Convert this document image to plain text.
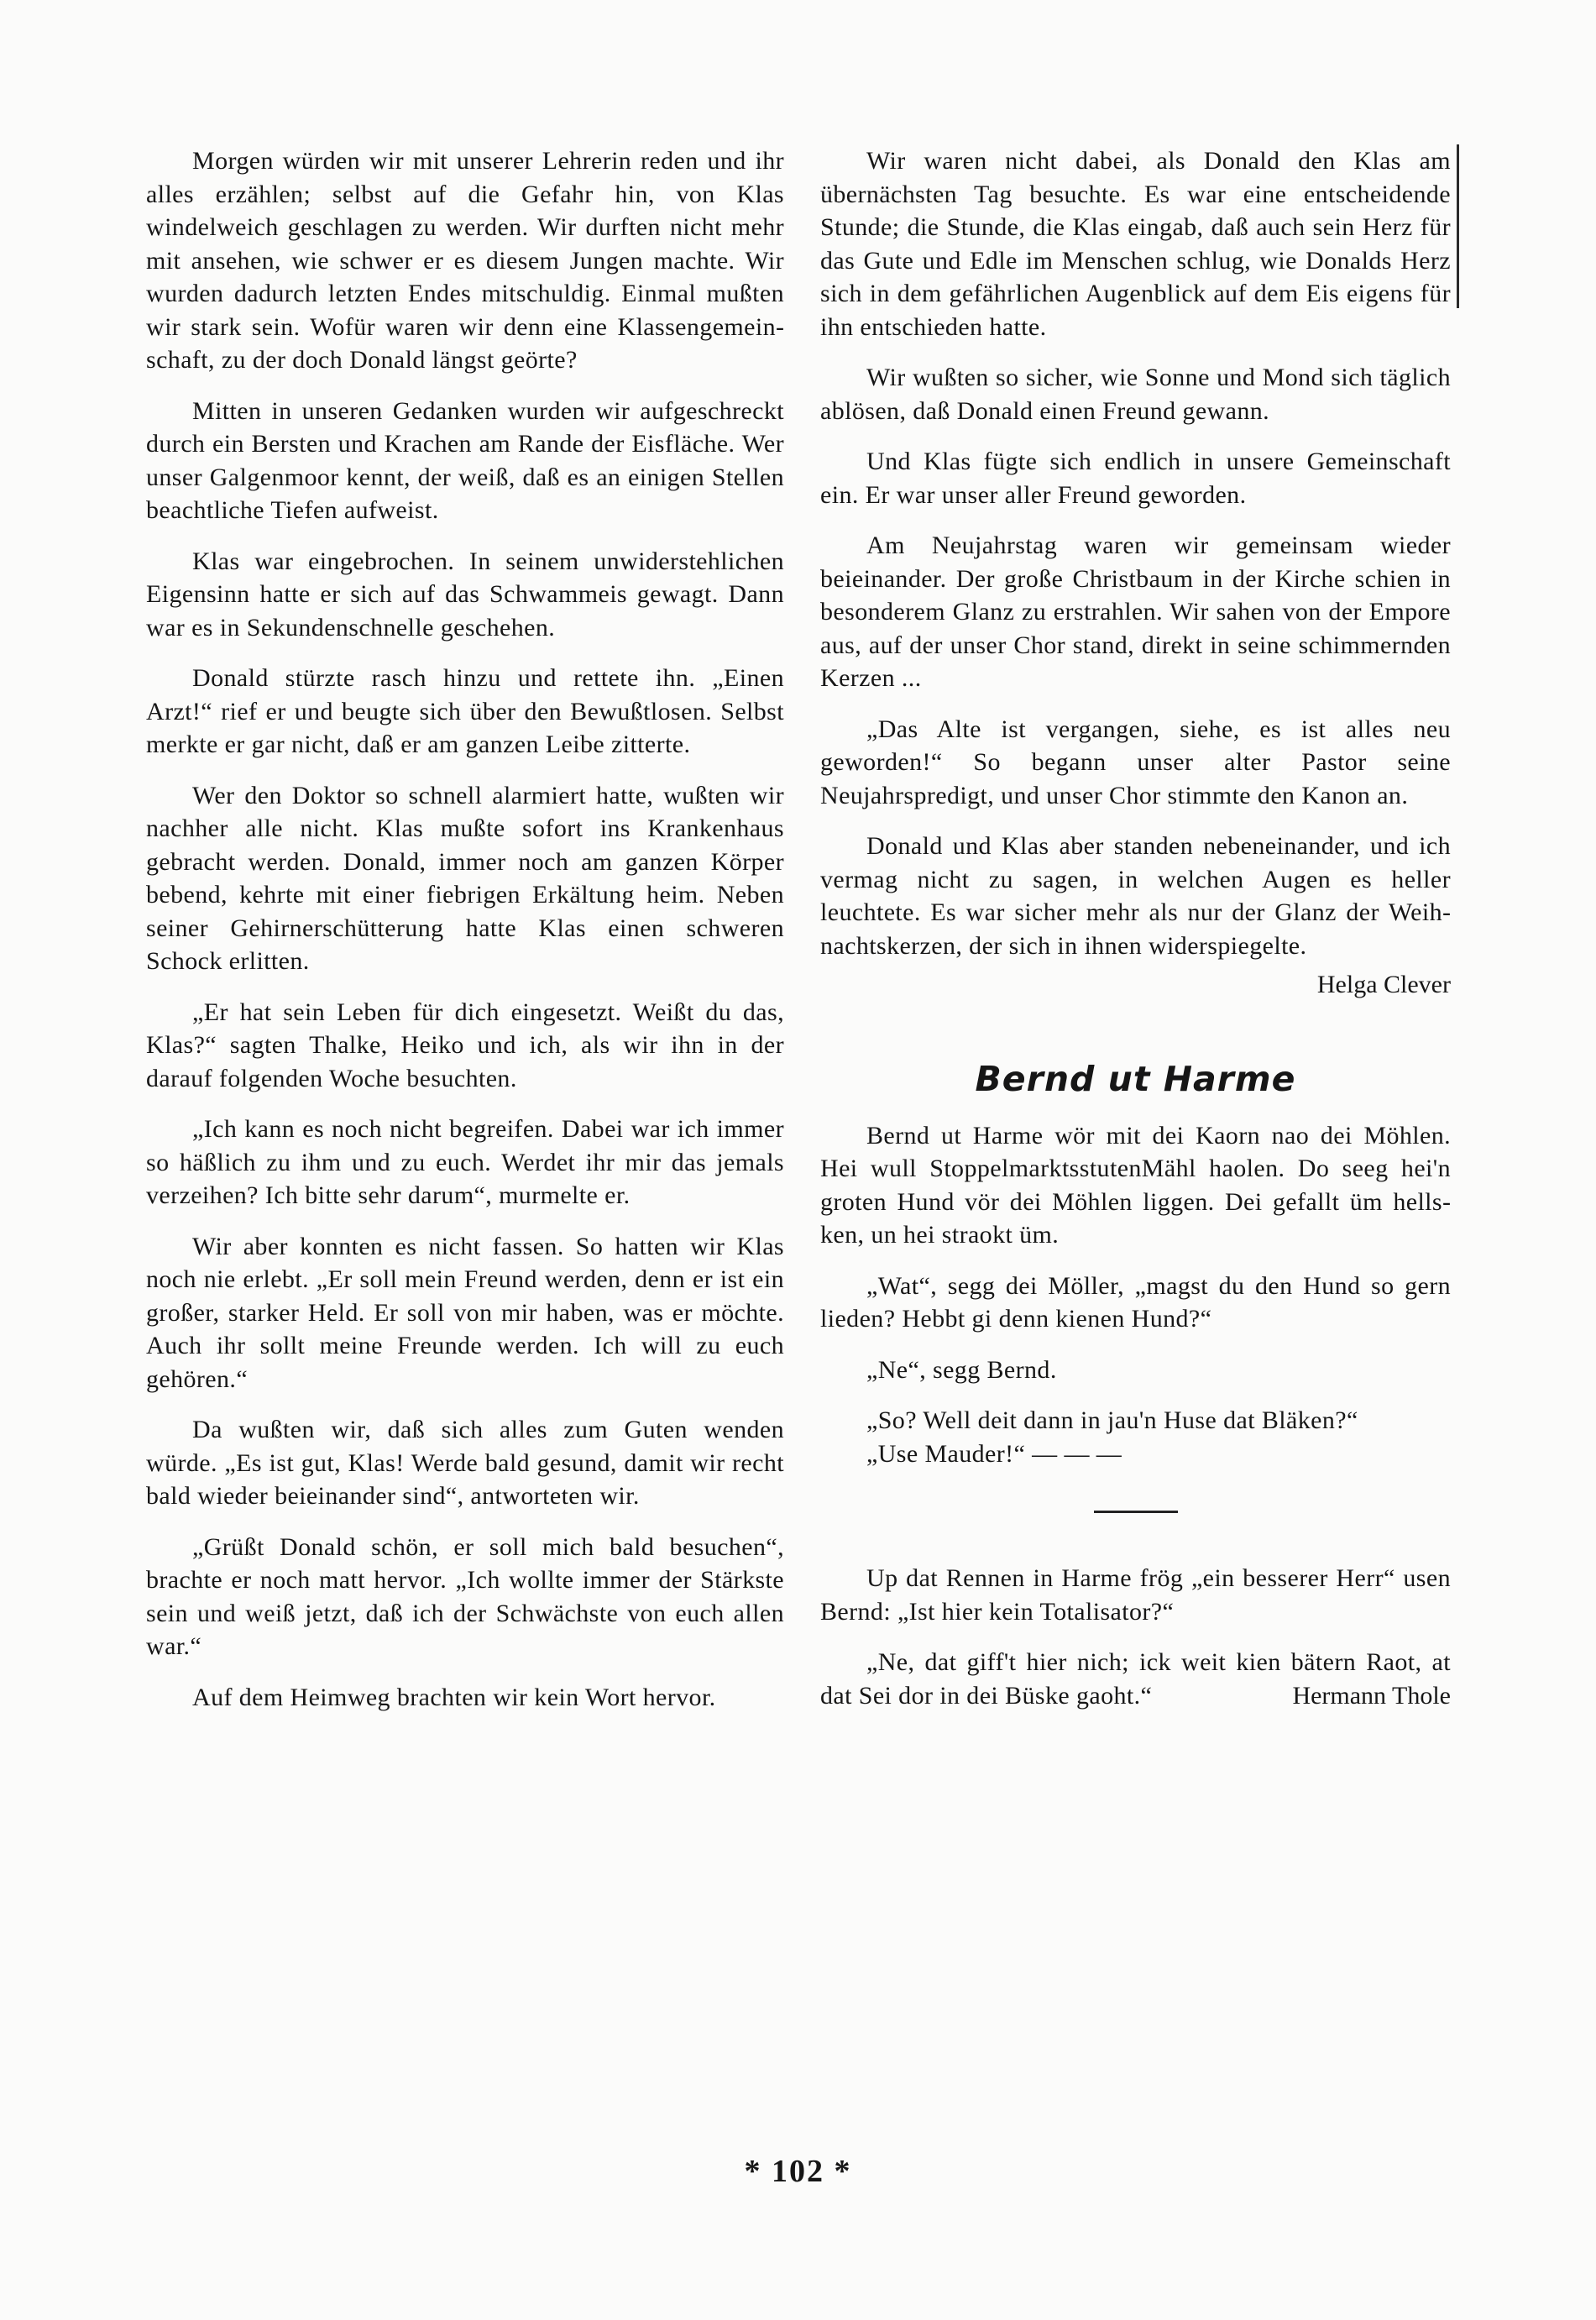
Morgen würden wir mit unserer Lehrerin reden und ihr alles erzählen; selbst auf die Gefahr hin, von Klas windelweich geschlagen zu werden. Wir durften nicht mehr mit ansehen, wie schwer er es diesem Jungen machte. Wir wurden dadurch letzten Endes mitschuldig. Einmal mußten wir stark sein. Wofür waren wir denn eine Klassengemeinschaft, zu der doch Donald längst geörte?

Mitten in unseren Gedanken wurden wir aufgeschreckt durch ein Bersten und Krachen am Rande der Eisfläche. Wer unser Galgenmoor kennt, der weiß, daß es an einigen Stellen beachtliche Tiefen aufweist.

Klas war eingebrochen. In seinem unwiderstehlichen Eigensinn hatte er sich auf das Schwammeis gewagt. Dann war es in Sekundenschnelle geschehen.

Donald stürzte rasch hinzu und rettete ihn. „Einen Arzt!“ rief er und beugte sich über den Bewußtlosen. Selbst merkte er gar nicht, daß er am ganzen Leibe zitterte.

Wer den Doktor so schnell alarmiert hatte, wußten wir nachher alle nicht. Klas mußte sofort ins Krankenhaus gebracht werden. Donald, immer noch am ganzen Körper bebend, kehrte mit einer fiebrigen Erkältung heim. Neben seiner Gehirnerschütterung hatte Klas einen schweren Schock erlitten.

„Er hat sein Leben für dich eingesetzt. Weißt du das, Klas?“ sagten Thalke, Heiko und ich, als wir ihn in der darauf folgenden Woche besuchten.

„Ich kann es noch nicht begreifen. Dabei war ich immer so häßlich zu ihm und zu euch. Werdet ihr mir das jemals verzeihen? Ich bitte sehr darum“, murmelte er.

Wir aber konnten es nicht fassen. So hatten wir Klas noch nie erlebt. „Er soll mein Freund werden, denn er ist ein großer, starker Held. Er soll von mir haben, was er möchte. Auch ihr sollt meine Freunde werden. Ich will zu euch gehören.“

Da wußten wir, daß sich alles zum Guten wenden würde. „Es ist gut, Klas! Werde bald gesund, damit wir recht bald wieder beieinander sind“, antworteten wir.

„Grüßt Donald schön, er soll mich bald besuchen“, brachte er noch matt hervor. „Ich wollte immer der Stärkste sein und weiß jetzt, daß ich der Schwächste von euch allen war.“

Auf dem Heimweg brachten wir kein Wort hervor.

Wir waren nicht dabei, als Donald den Klas am übernächsten Tag besuchte. Es war eine entscheidende Stunde; die Stunde, die Klas eingab, daß auch sein Herz für das Gute und Edle im Menschen schlug, wie Donalds Herz sich in dem gefährlichen Augenblick auf dem Eis eigens für ihn entschieden hatte.

Wir wußten so sicher, wie Sonne und Mond sich täglich ablösen, daß Donald einen Freund gewann.

Und Klas fügte sich endlich in unsere Gemeinschaft ein. Er war unser aller Freund geworden.

Am Neujahrstag waren wir gemeinsam wieder beieinander. Der große Christbaum in der Kirche schien in besonderem Glanz zu erstrahlen. Wir sahen von der Empore aus, auf der unser Chor stand, direkt in seine schimmernden Kerzen ...

„Das Alte ist vergangen, siehe, es ist alles neu geworden!“ So begann unser alter Pastor seine Neujahrspredigt, und unser Chor stimmte den Kanon an.

Donald und Klas aber standen nebeneinander, und ich vermag nicht zu sagen, in welchen Augen es heller leuchtete. Es war sicher mehr als nur der Glanz der Weihnachtskerzen, der sich in ihnen widerspiegelte.

Helga Clever

Bernd ut Harme

Bernd ut Harme wör mit dei Kaorn nao dei Möhlen. Hei wull StoppelmarktsstutenMähl haolen. Do seeg hei'n groten Hund vör dei Möhlen liggen. Dei gefallt üm hellsken, un hei straokt üm.

„Wat“, segg dei Möller, „magst du den Hund so gern lieden? Hebbt gi denn kienen Hund?“

„Ne“, segg Bernd.

„So? Well deit dann in jau'n Huse dat Bläken?“

„Use Mauder!“ — — —

Up dat Rennen in Harme frög „ein besserer Herr“ usen Bernd: „Ist hier kein Totalisator?“

„Ne, dat giff't hier nich; ick weit kien bätern Raot, at dat Sei dor in dei Büske gaoht.“	Hermann Thole

* 102 *
